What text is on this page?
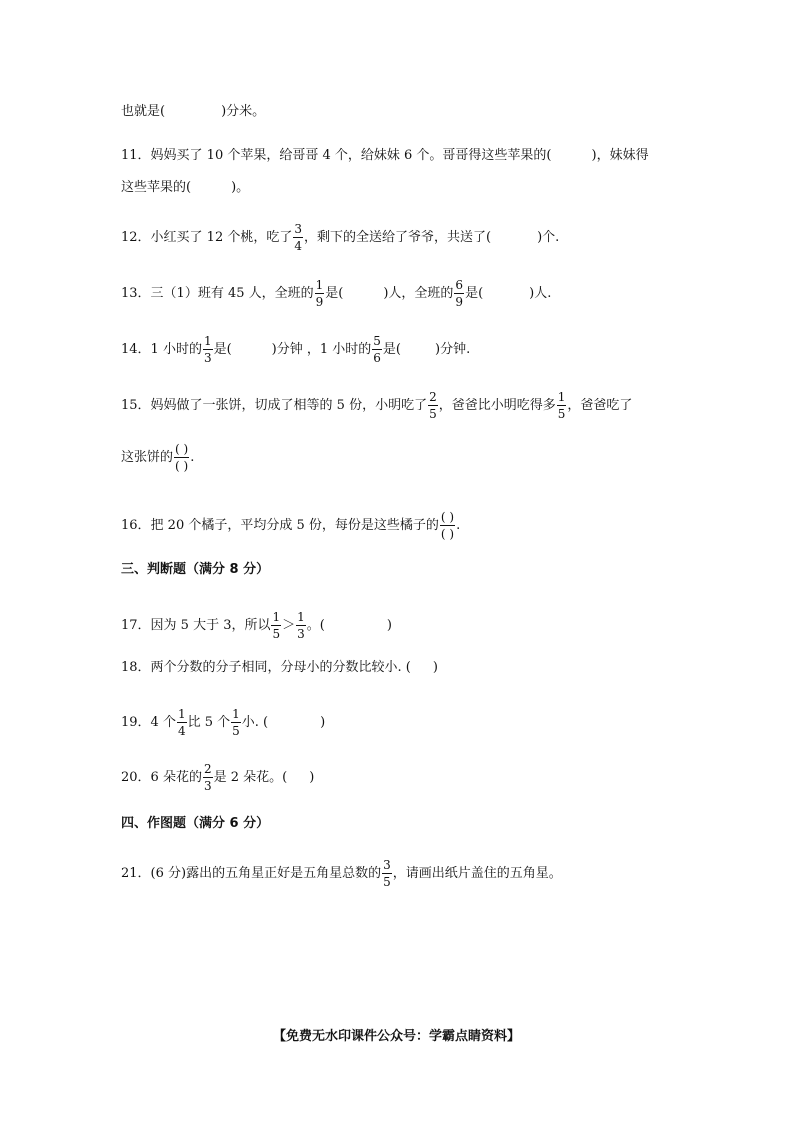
也就是(	)分米。
11．妈妈买了 10 个苹果，给哥哥 4 个，给妹妹 6 个。哥哥得这些苹果的(	)，妹妹得
这些苹果的(	)。
12．小红买了 12 个桃，吃了 $\frac{3}{4}$ ，剩下的全送给了爷爷，共送了(	)个.
13．三（1）班有 45 人，全班的 $\frac{1}{9}$ 是(	)人，全班的 $\frac{6}{9}$ 是(	)人.
14．1 小时的 $\frac{1}{3}$ 是(	)分钟 ，1 小时的 $\frac{5}{6}$ 是(	)分钟.
15．妈妈做了一张饼，切成了相等的 5 份，小明吃了 $\frac{2}{5}$ ，爸爸比小明吃得多 $\frac{1}{5}$ ，爸爸吃了
这张饼的 $\frac{( )}{( )}$ .
16．把 20 个橘子，平均分成 5 份，每份是这些橘子的 $\frac{( )}{( )}$ .
三、判断题（满分 8 分）
17．因为 5 大于 3，所以 $\frac{1}{5} > \frac{1}{3}$ 。(	)
18．两个分数的分子相同，分母小的分数比较小. ( )
19．4 个 $\frac{1}{4}$ 比 5 个 $\frac{1}{5}$ 小. (	)
20．6 朵花的 $\frac{2}{3}$ 是 2 朵花。( )
四、作图题（满分 6 分）
21．(6 分)露出的五角星正好是五角星总数的 $\frac{3}{5}$ ，请画出纸片盖住的五角星。
【免费无水印课件公众号：学霸点睛资料】
